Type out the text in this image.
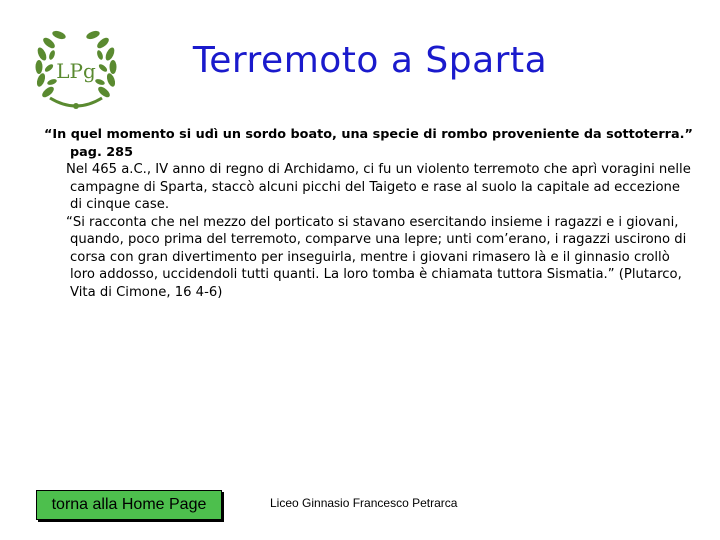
LPg	Terremoto a Sparta

“In quel momento si udì un sordo boato, una specie di rombo proveniente da sottoterra.” pag. 285

Nel 465 a.C., IV anno di regno di Archidamo, ci fu un violento terremoto che aprì voragini nelle campagne di Sparta, staccò alcuni picchi del Taigeto e rase al suolo la capitale ad eccezione di cinque case.

“Si racconta che nel mezzo del porticato si stavano esercitando insieme i ragazzi e i giovani, quando, poco prima del terremoto, comparve una lepre; unti com’erano, i ragazzi uscirono di corsa con gran divertimento per inseguirla, mentre i giovani rimasero là e il ginnasio crollò loro addosso, uccidendoli tutti quanti. La loro tomba è chiamata tuttora Sismatia.” (Plutarco, Vita di Cimone, 16 4-6)

torna alla Home Page	Liceo Ginnasio Francesco Petrarca
